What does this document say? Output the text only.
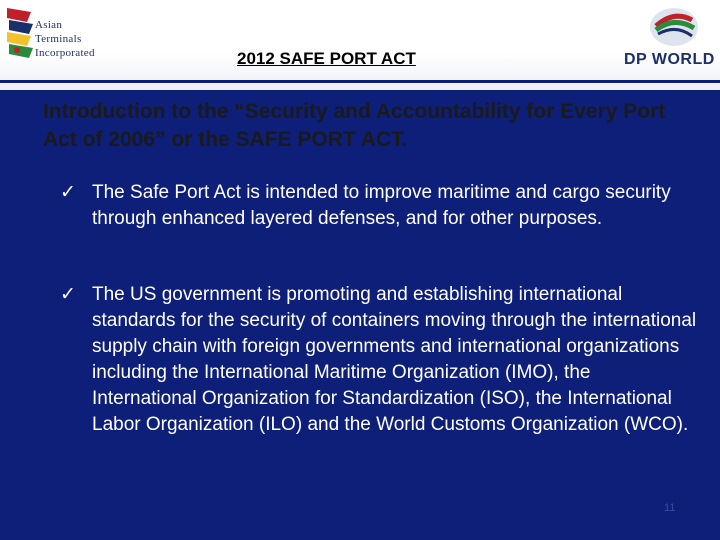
Asian
Terminals
Incorporated	2012 SAFE PORT ACT	DP WORLD
Introduction to the “Security and Accountability for Every Port Act of 2006” or the SAFE PORT ACT.
✓ The Safe Port Act is intended to improve maritime and cargo security through enhanced layered defenses, and for other purposes.
✓ The US government is promoting and establishing international standards for the security of containers moving through the international supply chain with foreign governments and international organizations including the International Maritime Organization (IMO), the International Organization for Standardization (ISO), the International Labor Organization (ILO) and the World Customs Organization (WCO).
11
